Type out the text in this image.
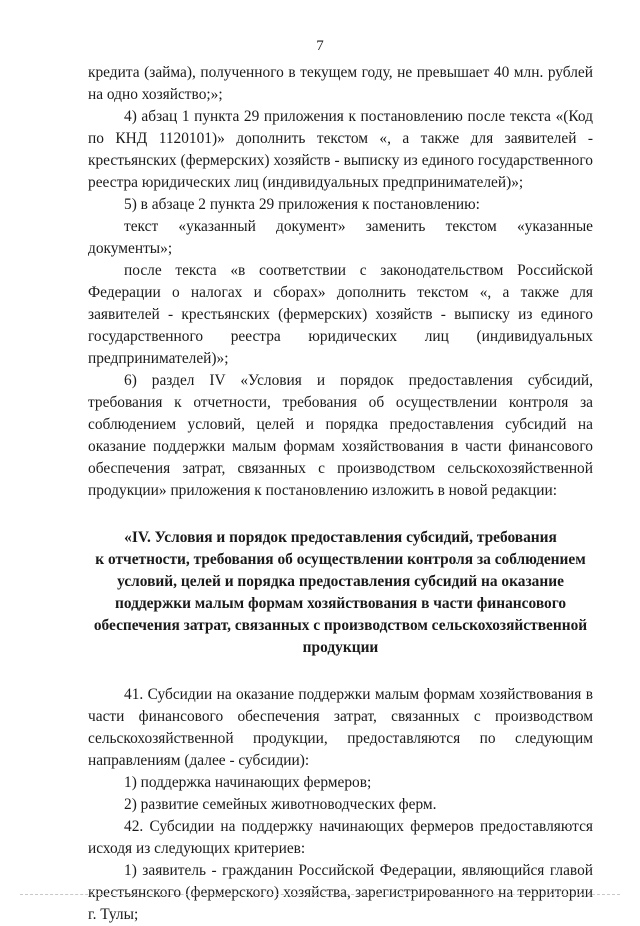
7

кредита (займа), полученного в текущем году, не превышает 40 млн. рублей на одно хозяйство;»;

4) абзац 1 пункта 29 приложения к постановлению после текста «(Код по КНД 1120101)» дополнить текстом «, а также для заявителей - крестьянских (фермерских) хозяйств - выписку из единого государственного реестра юридических лиц (индивидуальных предпринимателей)»;

5) в абзаце 2 пункта 29 приложения к постановлению:

текст «указанный документ» заменить текстом «указанные документы»;

после текста «в соответствии с законодательством Российской Федерации о налогах и сборах» дополнить текстом «, а также для заявителей - крестьянских (фермерских) хозяйств - выписку из единого государственного реестра юридических лиц (индивидуальных предпринимателей)»;

6) раздел IV «Условия и порядок предоставления субсидий, требования к отчетности, требования об осуществлении контроля за соблюдением условий, целей и порядка предоставления субсидий на оказание поддержки малым формам хозяйствования в части финансового обеспечения затрат, связанных с производством сельскохозяйственной продукции» приложения к постановлению изложить в новой редакции:

«IV. Условия и порядок предоставления субсидий, требования
к отчетности, требования об осуществлении контроля за соблюдением
условий, целей и порядка предоставления субсидий на оказание
поддержки малым формам хозяйствования в части финансового
обеспечения затрат, связанных с производством сельскохозяйственной
продукции

41. Субсидии на оказание поддержки малым формам хозяйствования в части финансового обеспечения затрат, связанных с производством сельскохозяйственной продукции, предоставляются по следующим направлениям (далее - субсидии):

1) поддержка начинающих фермеров;

2) развитие семейных животноводческих ферм.

42. Субсидии на поддержку начинающих фермеров предоставляются исходя из следующих критериев:

1) заявитель - гражданин Российской Федерации, являющийся главой крестьянского (фермерского) хозяйства, зарегистрированного на территории г. Тулы;
